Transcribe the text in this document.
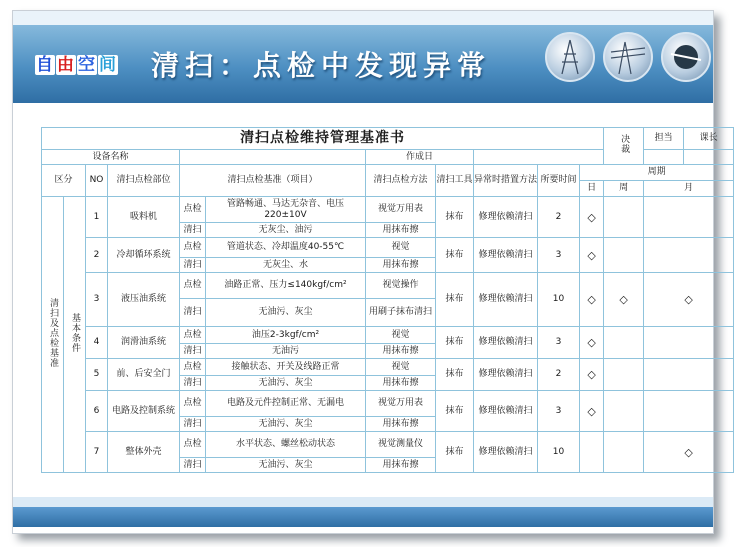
自 由 空 间 清扫：点检中发现异常
清扫点检维持管理基准书											决裁	担当	课长

设备名称						作成日							
区分		NO	清扫点检部位	清扫点检基准（项目）		清扫点检方法	清扫工具	异常时措置方法	所要时间	周期			
										日	周	月	
清扫及点检基准	基本条件	1	吸料机	点检	管路畅通、马达无杂音、电压220±10V	视觉万用表	抹布	修理依赖清扫	2	◇			
				清扫	无灰尘、油污	用抹布擦							
		2	冷却循环系统	点检	管道状态、冷却温度40-55℃	视觉	抹布	修理依赖清扫	3	◇			
				清扫	无灰尘、水	用抹布擦							
		3	液压油系统	点检	油路正常、压力≤140kgf/cm²	视觉操作	抹布	修理依赖清扫	10	◇	◇	◇	
				清扫	无油污、灰尘	用刷子抹布清扫							
		4	润滑油系统	点检	油压2-3kgf/cm²	视觉	抹布	修理依赖清扫	3	◇			
				清扫	无油污	用抹布擦							
		5	前、后安全门	点检	接触状态、开关及线路正常	视觉	抹布	修理依赖清扫	2	◇			
				清扫	无油污、灰尘	用抹布擦							
		6	电路及控制系统	点检	电路及元件控制正常、无漏电	视觉万用表	抹布	修理依赖清扫	3	◇			
				清扫	无油污、灰尘	用抹布擦							
		7	整体外壳	点检	水平状态、螺丝松动状态	视觉测量仪	抹布	修理依赖清扫	10			◇	
				清扫	无油污、灰尘	用抹布擦							
